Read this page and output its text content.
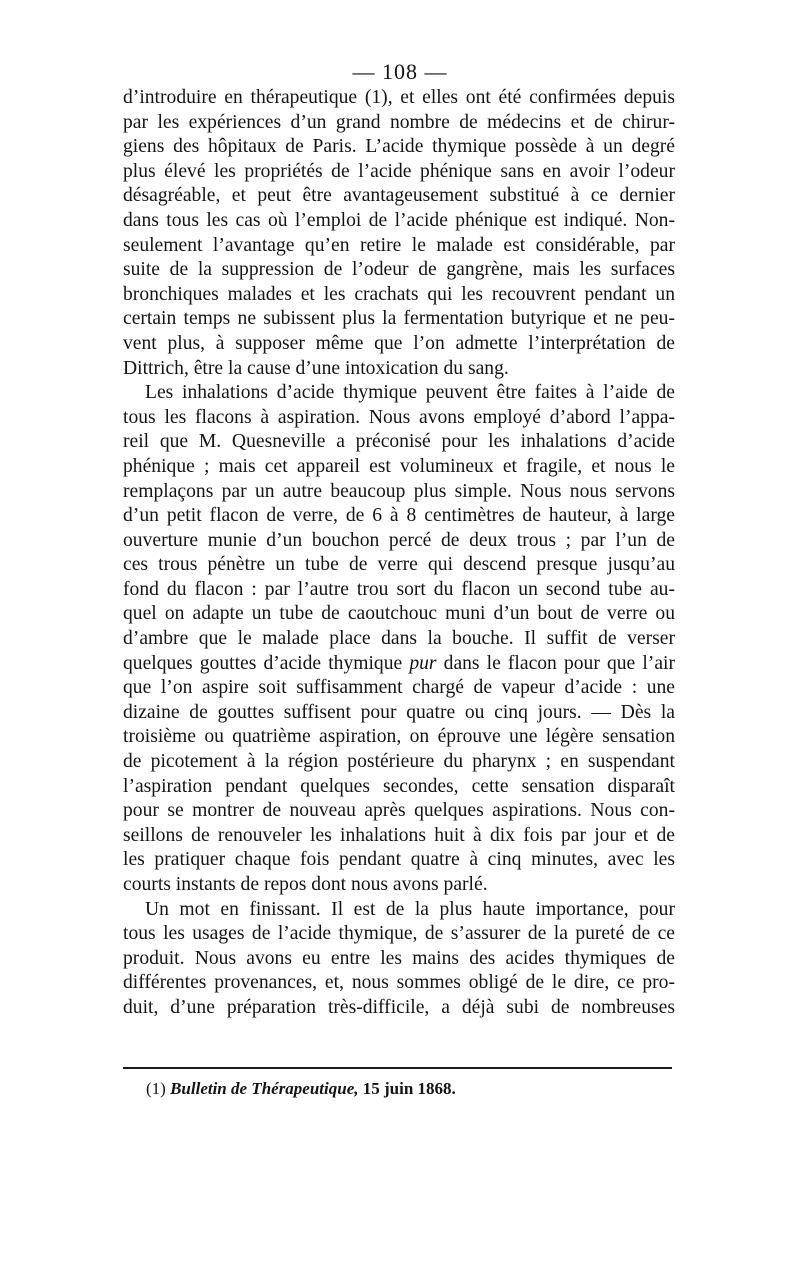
— 108 —
d’introduire en thérapeutique (1), et elles ont été confirmées depuis
par les expériences d’un grand nombre de médecins et de chirur-
giens des hôpitaux de Paris. L’acide thymique possède à un degré
plus élevé les propriétés de l’acide phénique sans en avoir l’odeur
désagréable, et peut être avantageusement substitué à ce dernier
dans tous les cas où l’emploi de l’acide phénique est indiqué. Non-
seulement l’avantage qu’en retire le malade est considérable, par
suite de la suppression de l’odeur de gangrène, mais les surfaces
bronchiques malades et les crachats qui les recouvrent pendant un
certain temps ne subissent plus la fermentation butyrique et ne peu-
vent plus, à supposer même que l’on admette l’interprétation de
Dittrich, être la cause d’une intoxication du sang.
Les inhalations d’acide thymique peuvent être faites à l’aide de
tous les flacons à aspiration. Nous avons employé d’abord l’appa-
reil que M. Quesneville a préconisé pour les inhalations d’acide
phénique ; mais cet appareil est volumineux et fragile, et nous le
remplaçons par un autre beaucoup plus simple. Nous nous servons
d’un petit flacon de verre, de 6 à 8 centimètres de hauteur, à large
ouverture munie d’un bouchon percé de deux trous ; par l’un de
ces trous pénètre un tube de verre qui descend presque jusqu’au
fond du flacon : par l’autre trou sort du flacon un second tube au-
quel on adapte un tube de caoutchouc muni d’un bout de verre ou
d’ambre que le malade place dans la bouche. Il suffit de verser
quelques gouttes d’acide thymique pur dans le flacon pour que l’air
que l’on aspire soit suffisamment chargé de vapeur d’acide : une
dizaine de gouttes suffisent pour quatre ou cinq jours. — Dès la
troisième ou quatrième aspiration, on éprouve une légère sensation
de picotement à la région postérieure du pharynx ; en suspendant
l’aspiration pendant quelques secondes, cette sensation disparaît
pour se montrer de nouveau après quelques aspirations. Nous con-
seillons de renouveler les inhalations huit à dix fois par jour et de
les pratiquer chaque fois pendant quatre à cinq minutes, avec les
courts instants de repos dont nous avons parlé.
Un mot en finissant. Il est de la plus haute importance, pour
tous les usages de l’acide thymique, de s’assurer de la pureté de ce
produit. Nous avons eu entre les mains des acides thymiques de
différentes provenances, et, nous sommes obligé de le dire, ce pro-
duit, d’une préparation très-difficile, a déjà subi de nombreuses
(1) Bulletin de Thérapeutique, 15 juin 1868.
